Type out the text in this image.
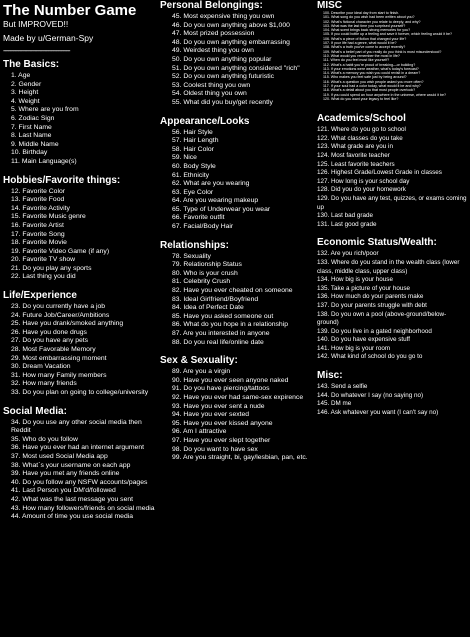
The Number Game
But IMPROVED!!
Made by u/German-Spy
----------------------------------------
The Basics:
1. Age
2. Gender
3. Height
4. Weight
5. Where are you from
6. Zodiac Sign
7. First Name
8. Last Name
9. Middle Name
10. Birthday
11. Main Language(s)
Hobbies/Favorite things:
12. Favorite Color
13. Favorite Food
14. Favorite Activity
15. Favorite Music genre
16. Favorite Artist
17. Favorite Song
18. Favorite Movie
19. Favorite Video Game (if any)
20. Favorite TV show
21. Do you play any sports
22. Last thing you did
Life/Experience
23. Do you currently have a job
24. Future Job/Career/Ambitions
25. Have you drank/smoked anything
26. Have you done drugs
27. Do you have any pets
28. Most Favorable Memory
29. Most embarrassing moment
30. Dream Vacation
31. How many Family members
32. How many friends
33. Do you plan on going to college/university
Social Media:
34. Do you use any other social media then Reddit
35. Who do you follow
36. Have you ever had an internet argument
37. Most used Social Media app
38. What`s your username on each app
39. Have you met any friends online
40. Do you follow any NSFW accounts/pages
41. Last Person you DM'd/followed
42. What was the last message you sent
43. How many followers/friends on social media
44. Amount of time you use social media
Personal Belongings:
45. Most expensive thing you own
46. Do you own anything above $1,000
47. Most prized possession
48. Do you own anything embarrassing
49. Weirdest thing you own
50. Do you own anything popular
51. Do you own anything considered "rich"
52. Do you own anything futuristic
53. Coolest thing you own
54. Oldest thing you own
55. What did you buy/get recently
Appearance/Looks
56. Hair Style
57. Hair Length
58. Hair Color
59. Nice
60. Body Style
61. Ethnicity
62. What are you wearing
63. Eye Color
64. Are you wearing makeup
65. Type of Underwear you wear
66. Favorite outfit
67. Facial/Body Hair
Relationships:
78. Sexuality
79. Relationship Status
80. Who is your crush
81. Celebrity Crush
82. Have you ever cheated on someone
83. Ideal Girlfriend/Boyfriend
84. Idea of Perfect Date
85. Have you asked someone out
86. What do you hope in a relationship
87. Are you interested in anyone
88. Do you real life/online date
Sex & Sexuality:
89. Are you a virgin
90. Have you ever seen anyone naked
91. Do you have piercing/tattoos
92. Have you ever had same-sex expirence
93. Have you ever sent a nude
94. Have you ever sexted
95. Have you ever kissed anyone
96. Am I attractive
97. Have you ever slept together
98. Do you want to have sex
99. Are you straight, bi, gay/lesbian, pan, etc.
MISC
100. Describe your ideal day from start to finish.
101. What song do you wish had been written about you?
102. What's fictional character you relate to deeply, and why?
103. What was the last time you surprised yourself?
104. What scent brings back strong memories for you?
105. If you could bottle up a feeling and save it forever, which feeling would it be?
106. What's a piece of fiction that changed your life?
107. If your life had a genre, what would it be?
108. What's a truth you've come to accept recently?
109. What's a belief part of you really do you think is most misunderstood?
110. What would you remember the most in life?
111. When do you feel most like yourself?
112. What's a habit you're proud of breaking—or building?
113. If your emotions were weather, what's today's forecast?
114. What's a memory you wish you could revisit in a dream?
115. Who makes you feel safe just by being around?
116. What's a question you wish people asked you more often?
117. If your soul had a color today, what would it be and why?
118. What's a detail about you that most people overlook?
119. If you could spend an hour anywhere in the universe, where would it be?
120. What do you want your legacy to feel like?
Academics/School
121. Where do you go to school
122. What classes do you take
123. What grade are you in
124. Most favorite teacher
125. Least favorite teachers
126. Highest Grade/Lowest Grade in classes
127. How long is your school day
128. Did you do your homework
129. Do you have any test, quizzes, or exams coming up
130. Last bad grade
131. Last good grade
Economic Status/Wealth:
132. Are you rich/poor
133. Where do you stand in the wealth class (lower class, middle class, upper class)
134. How big is your house
135. Take a picture of your house
136. How much do your parents make
137. Do your parents struggle with debt
138. Do you own a pool (above-ground/below-ground)
139. Do you live in a gated neighborhood
140. Do you have expensive stuff
141. How big is your room
142. What kind of school do you go to
Misc:
143. Send a selfie
144. Do whatever I say (no saying no)
145. DM me
146. Ask whatever you want (I can't say no)
